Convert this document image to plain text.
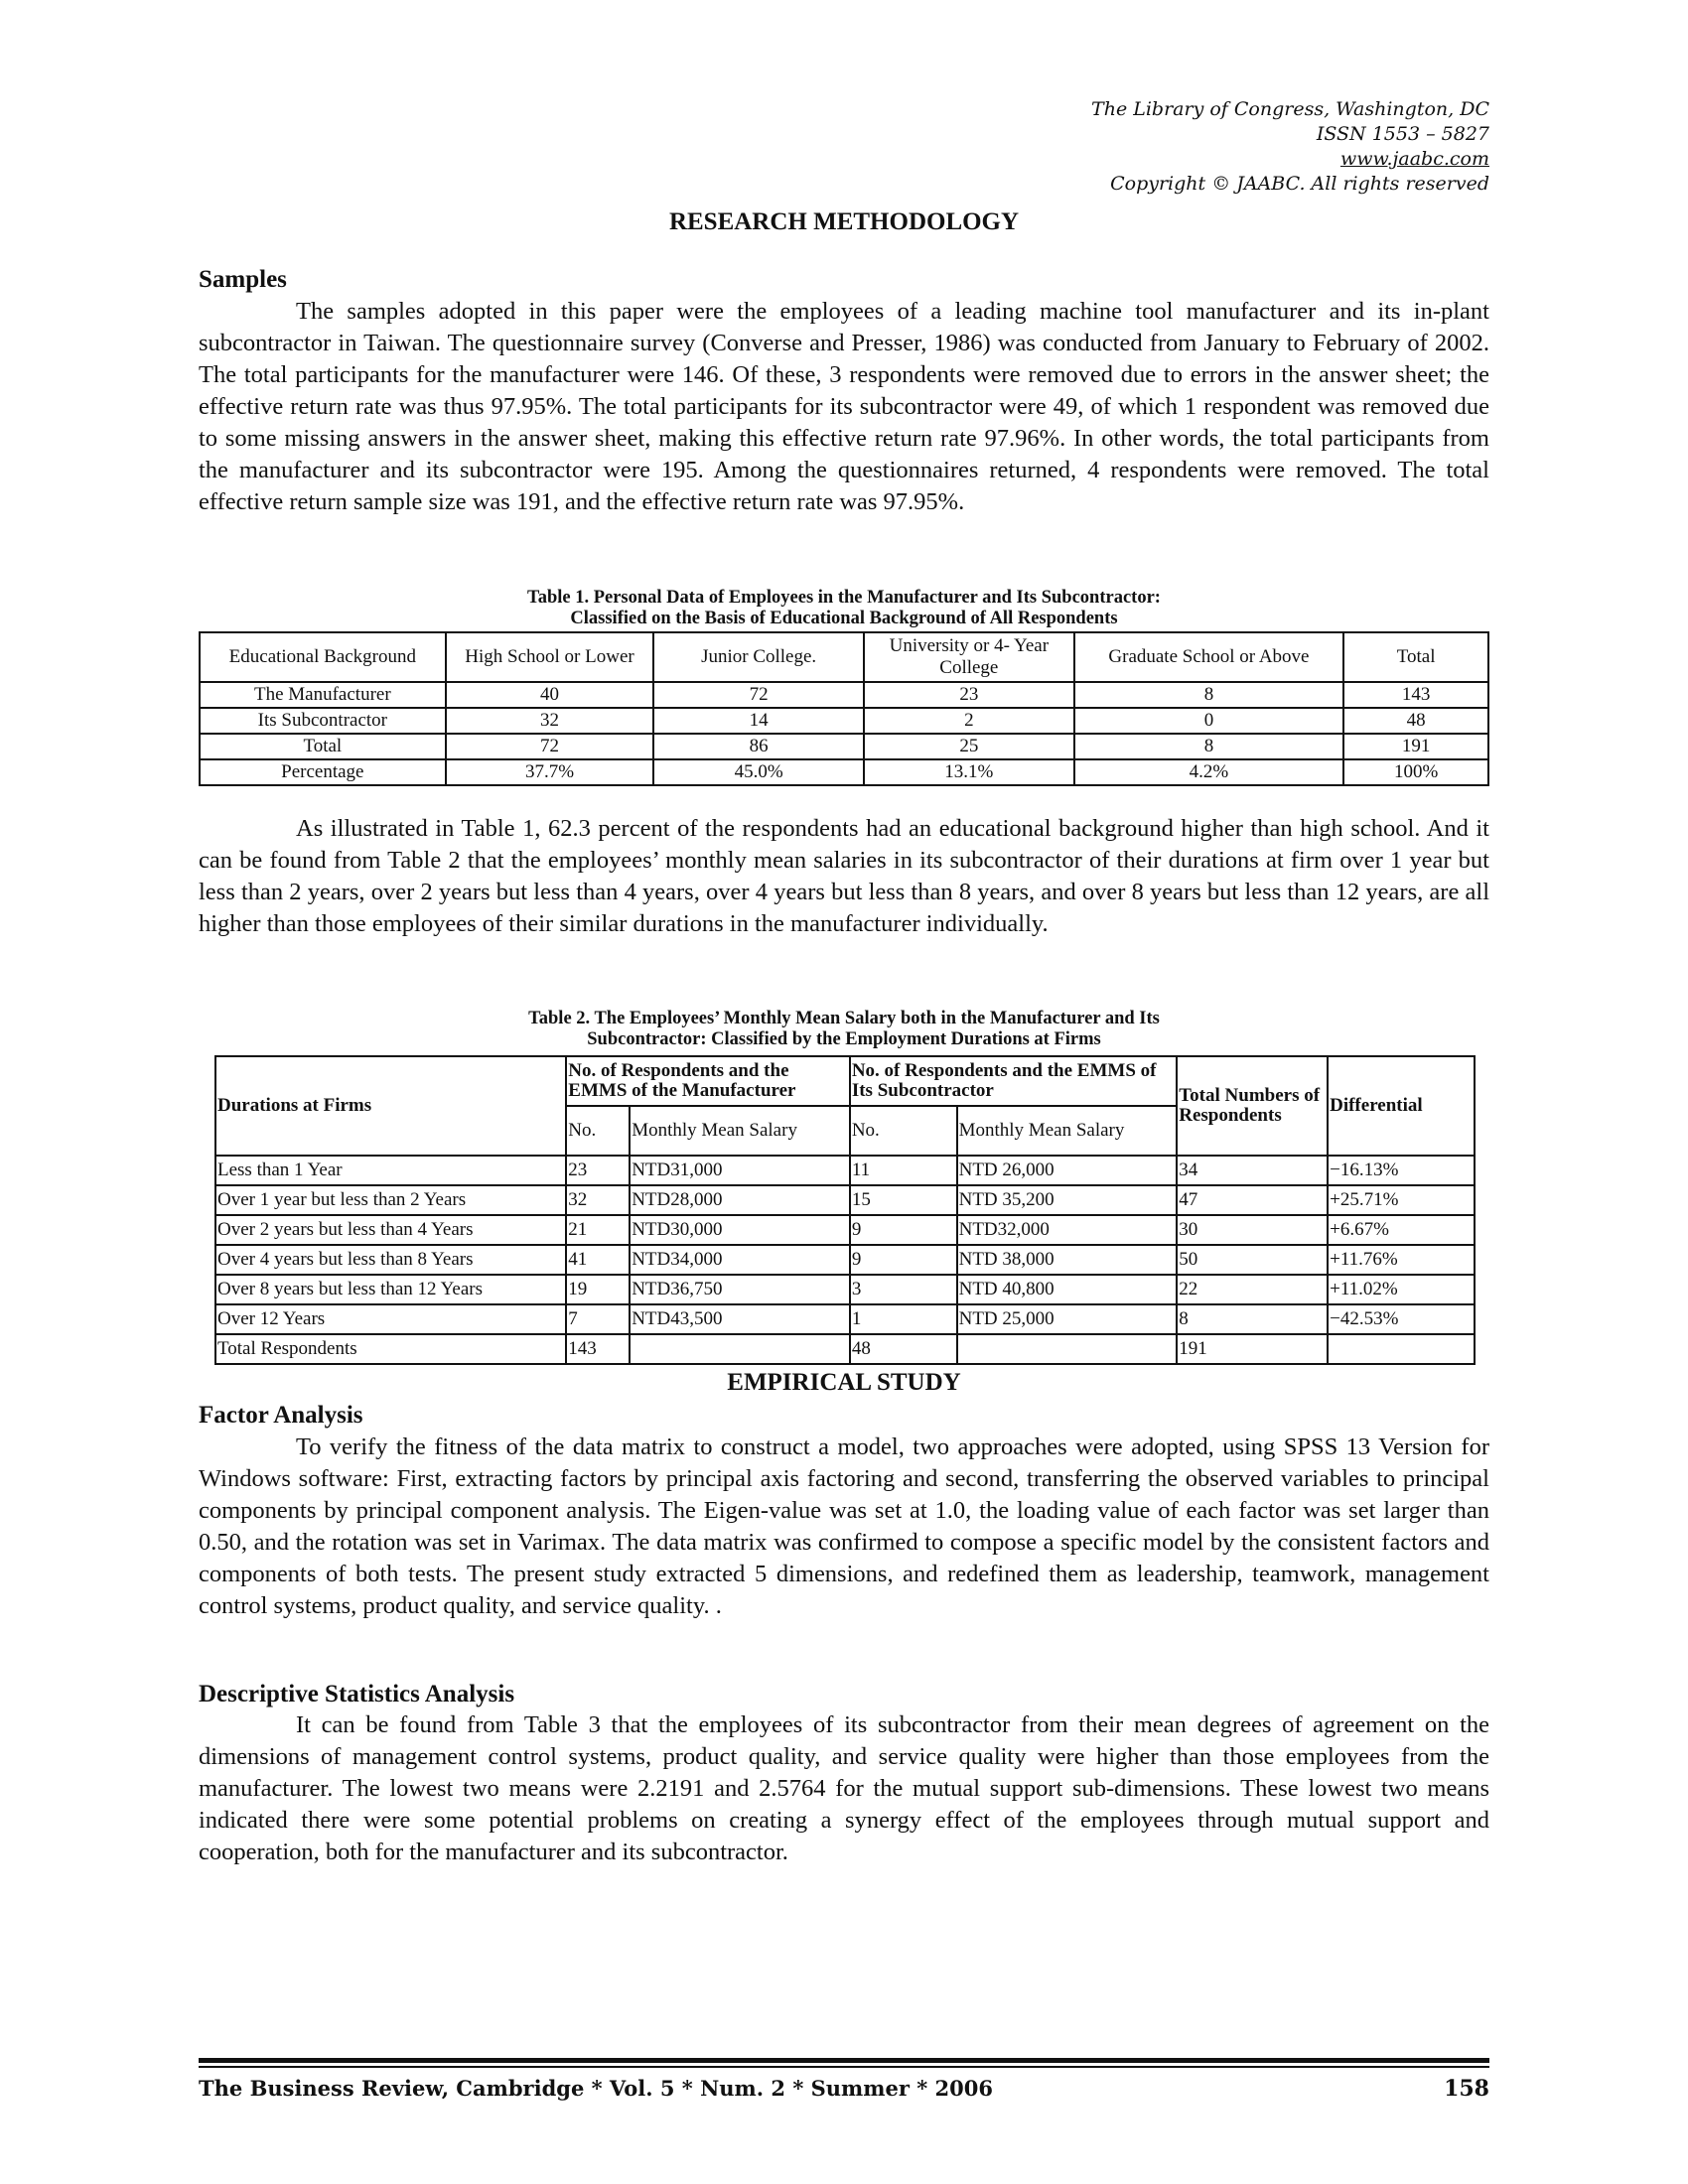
The Library of Congress, Washington, DC
ISSN 1553 – 5827
www.jaabc.com
Copyright © JAABC. All rights reserved
RESEARCH METHODOLOGY
Samples

The samples adopted in this paper were the employees of a leading machine tool manufacturer and its in-plant subcontractor in Taiwan. The questionnaire survey (Converse and Presser, 1986) was conducted from January to February of 2002. The total participants for the manufacturer were 146. Of these, 3 respondents were removed due to errors in the answer sheet; the effective return rate was thus 97.95%. The total participants for its subcontractor were 49, of which 1 respondent was removed due to some missing answers in the answer sheet, making this effective return rate 97.96%. In other words, the total participants from the manufacturer and its subcontractor were 195. Among the questionnaires returned, 4 respondents were removed. The total effective return sample size was 191, and the effective return rate was 97.95%.

Table 1. Personal Data of Employees in the Manufacturer and Its Subcontractor:
Classified on the Basis of Educational Background of All Respondents
Educational Background	High School or Lower	Junior College.	University or 4- Year College	Graduate School or Above	Total
The Manufacturer	40	72	23	8	143
Its Subcontractor	32	14	2	0	48
Total	72	86	25	8	191
Percentage	37.7%	45.0%	13.1%	4.2%	100%

As illustrated in Table 1, 62.3 percent of the respondents had an educational background higher than high school. And it can be found from Table 2 that the employees’ monthly mean salaries in its subcontractor of their durations at firm over 1 year but less than 2 years, over 2 years but less than 4 years, over 4 years but less than 8 years, and over 8 years but less than 12 years, are all higher than those employees of their similar durations in the manufacturer individually.

Table 2. The Employees’ Monthly Mean Salary both in the Manufacturer and Its
Subcontractor: Classified by the Employment Durations at Firms
Durations at Firms	No. of Respondents and the EMMS of the Manufacturer		No. of Respondents and the EMMS of Its Subcontractor		Total Numbers of Respondents	Differential
	No.	Monthly Mean Salary	No.	Monthly Mean Salary		
Less than 1 Year	23	NTD31,000	11	NTD 26,000	34	−16.13%
Over 1 year but less than 2 Years	32	NTD28,000	15	NTD 35,200	47	+25.71%
Over 2 years but less than 4 Years	21	NTD30,000	9	NTD32,000	30	+6.67%
Over 4 years but less than 8 Years	41	NTD34,000	9	NTD 38,000	50	+11.76%
Over 8 years but less than 12 Years	19	NTD36,750	3	NTD 40,800	22	+11.02%
Over 12 Years	7	NTD43,500	1	NTD 25,000	8	−42.53%
Total Respondents	143		48		191	
EMPIRICAL STUDY
Factor Analysis

To verify the fitness of the data matrix to construct a model, two approaches were adopted, using SPSS 13 Version for Windows software: First, extracting factors by principal axis factoring and second, transferring the observed variables to principal components by principal component analysis. The Eigen-value was set at 1.0, the loading value of each factor was set larger than 0.50, and the rotation was set in Varimax. The data matrix was confirmed to compose a specific model by the consistent factors and components of both tests. The present study extracted 5 dimensions, and redefined them as leadership, teamwork, management control systems, product quality, and service quality. .

Descriptive Statistics Analysis

It can be found from Table 3 that the employees of its subcontractor from their mean degrees of agreement on the dimensions of management control systems, product quality, and service quality were higher than those employees from the manufacturer. The lowest two means were 2.2191 and 2.5764 for the mutual support sub-dimensions. These lowest two means indicated there were some potential problems on creating a synergy effect of the employees through mutual support and cooperation, both for the manufacturer and its subcontractor.

The Business Review, Cambridge * Vol. 5 * Num. 2 * Summer * 2006	158
